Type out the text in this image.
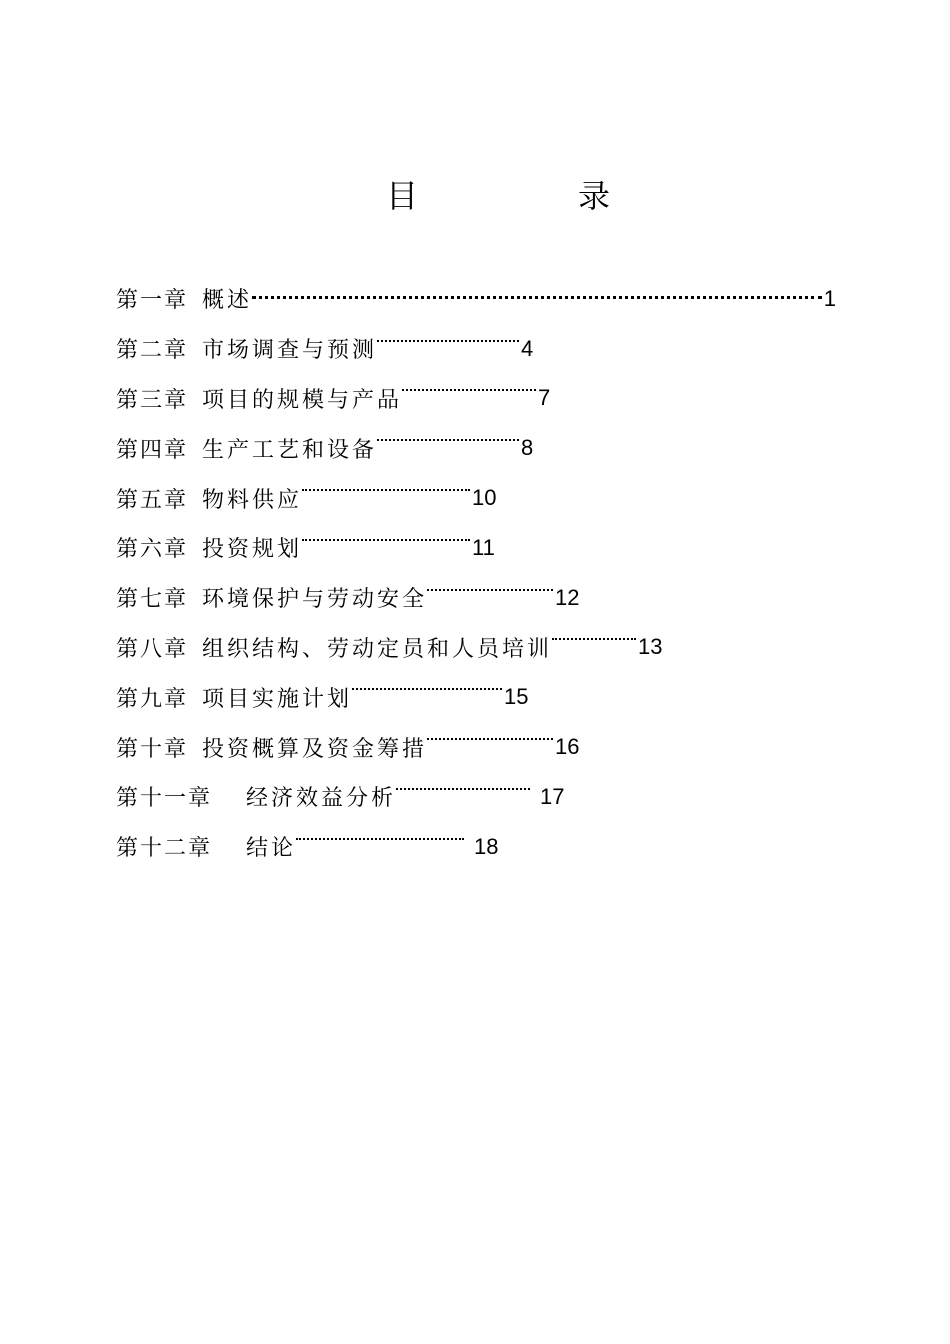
目	录
第一章 概述	1
第二章 市场调查与预测	4
第三章 项目的规模与产品	7
第四章 生产工艺和设备	8
第五章 物料供应	10
第六章 投资规划	11
第七章 环境保护与劳动安全	12
第八章 组织结构、劳动定员和人员培训	13
第九章 项目实施计划	15
第十章 投资概算及资金筹措	16
第十一章 经济效益分析	17
第十二章 结论	18
